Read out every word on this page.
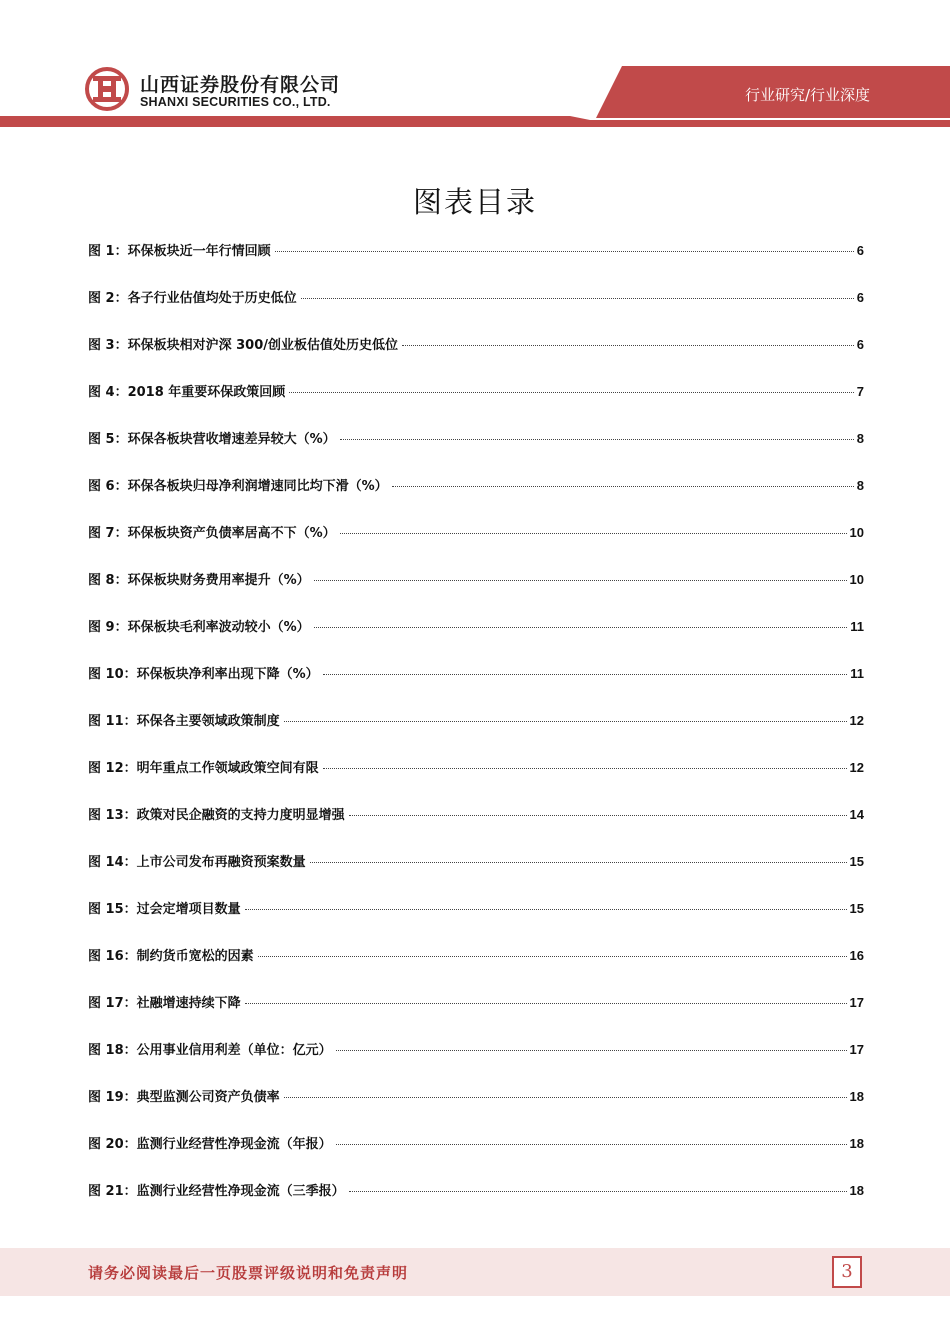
山西证券股份有限公司
SHANXI SECURITIES CO., LTD.	行业研究/行业深度
图表目录
图 1：环保板块近一年行情回顾	6
图 2：各子行业估值均处于历史低位	6
图 3：环保板块相对沪深 300/创业板估值处历史低位	6
图 4：2018 年重要环保政策回顾	7
图 5：环保各板块营收增速差异较大（%）	8
图 6：环保各板块归母净利润增速同比均下滑（%）	8
图 7：环保板块资产负债率居高不下（%）	10
图 8：环保板块财务费用率提升（%）	10
图 9：环保板块毛利率波动较小（%）	11
图 10：环保板块净利率出现下降（%）	11
图 11：环保各主要领域政策制度	12
图 12：明年重点工作领域政策空间有限	12
图 13：政策对民企融资的支持力度明显增强	14
图 14：上市公司发布再融资预案数量	15
图 15：过会定增项目数量	15
图 16：制约货币宽松的因素	16
图 17：社融增速持续下降	17
图 18：公用事业信用利差（单位：亿元）	17
图 19：典型监测公司资产负债率	18
图 20：监测行业经营性净现金流（年报）	18
图 21：监测行业经营性净现金流（三季报）	18
请务必阅读最后一页股票评级说明和免责声明	3
